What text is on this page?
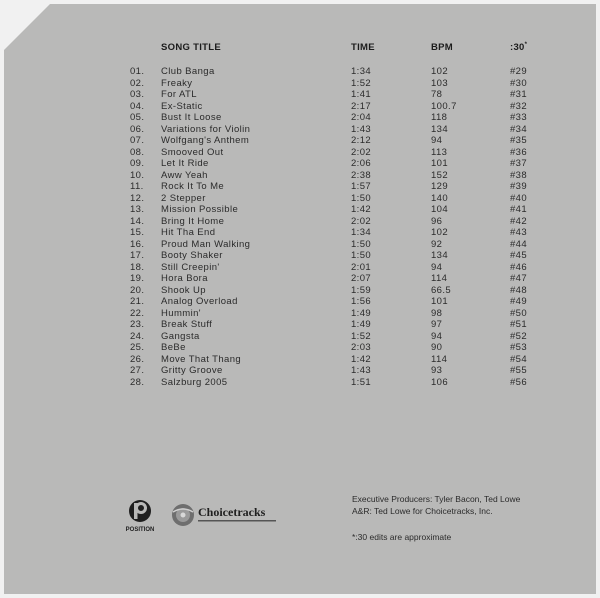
SONG TITLE	TIME	BPM	:30*
01. Club Banga	1:34	102	#29
02. Freaky	1:52	103	#30
03. For ATL	1:41	78	#31
04. Ex-Static	2:17	100.7	#32
05. Bust It Loose	2:04	118	#33
06. Variations for Violin	1:43	134	#34
07. Wolfgang's Anthem	2:12	94	#35
08. Smooved Out	2:02	113	#36
09. Let It Ride	2:06	101	#37
10. Aww Yeah	2:38	152	#38
11. Rock It To Me	1:57	129	#39
12. 2 Stepper	1:50	140	#40
13. Mission Possible	1:42	104	#41
14. Bring It Home	2:02	96	#42
15. Hit Tha End	1:34	102	#43
16. Proud Man Walking	1:50	92	#44
17. Booty Shaker	1:50	134	#45
18. Still Creepin'	2:01	94	#46
19. Hora Bora	2:07	114	#47
20. Shook Up	1:59	66.5	#48
21. Analog Overload	1:56	101	#49
22. Hummin'	1:49	98	#50
23. Break Stuff	1:49	97	#51
24. Gangsta	1:52	94	#52
25. BeBe	2:03	90	#53
26. Move That Thang	1:42	114	#54
27. Gritty Groove	1:43	93	#55
28. Salzburg 2005	1:51	106	#56
POSITION
Choicetracks
Executive Producers: Tyler Bacon, Ted Lowe
A&R: Ted Lowe for Choicetracks, Inc.
*:30 edits are approximate
